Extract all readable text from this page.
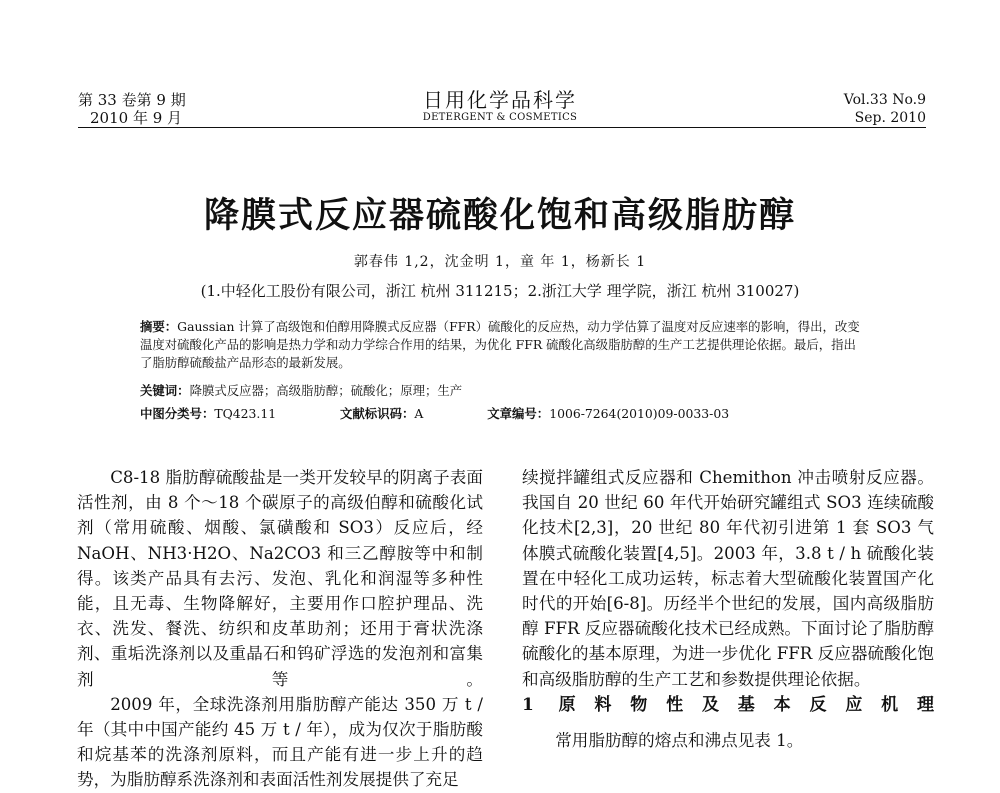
第 33 卷第 9 期
2010 年 9 月
日用化学品科学
DETERGENT & COSMETICS
Vol.33 No.9
Sep. 2010
降膜式反应器硫酸化饱和高级脂肪醇
郭春伟 1,2，沈金明 1，童 年 1，杨新长 1
(1.中轻化工股份有限公司，浙江 杭州 311215；2.浙江大学 理学院，浙江 杭州 310027)
摘要：Gaussian 计算了高级饱和伯醇用降膜式反应器（FFR）硫酸化的反应热，动力学估算了温度对反应速率的影响，得出，改变温度对硫酸化产品的影响是热力学和动力学综合作用的结果，为优化 FFR 硫酸化高级脂肪醇的生产工艺提供理论依据。最后，指出了脂肪醇硫酸盐产品形态的最新发展。
关键词：降膜式反应器；高级脂肪醇；硫酸化；原理；生产
中图分类号：TQ423.11	文献标识码：A	文章编号：1006-7264(2010)09-0033-03

C8-18 脂肪醇硫酸盐是一类开发较早的阴离子表面活性剂，由 8 个～18 个碳原子的高级伯醇和硫酸化试剂（常用硫酸、烟酸、氯磺酸和 SO3）反应后，经 NaOH、NH3·H2O、Na2CO3 和三乙醇胺等中和制得。该类产品具有去污、发泡、乳化和润湿等多种性能，且无毒、生物降解好，主要用作口腔护理品、洗衣、洗发、餐洗、纺织和皮革助剂；还用于膏状洗涤剂、重垢洗涤剂以及重晶石和钨矿浮选的发泡剂和富集剂等。

2009 年，全球洗涤剂用脂肪醇产能达 350 万 t / 年（其中中国产能约 45 万 t / 年），成为仅次于脂肪酸和烷基苯的洗涤剂原料，而且产能有进一步上升的趋势，为脂肪醇系洗涤剂和表面活性剂发展提供了充足

续搅拌罐组式反应器和 Chemithon 冲击喷射反应器。我国自 20 世纪 60 年代开始研究罐组式 SO3 连续硫酸化技术[2,3]，20 世纪 80 年代初引进第 1 套 SO3 气体膜式硫酸化装置[4,5]。2003 年，3.8 t / h 硫酸化装置在中轻化工成功运转，标志着大型硫酸化装置国产化时代的开始[6-8]。历经半个世纪的发展，国内高级脂肪醇 FFR 反应器硫酸化技术已经成熟。下面讨论了脂肪醇硫酸化的基本原理，为进一步优化 FFR 反应器硫酸化饱和高级脂肪醇的生产工艺和参数提供理论依据。

1 原料物性及基本反应机理

常用脂肪醇的熔点和沸点见表 1。
